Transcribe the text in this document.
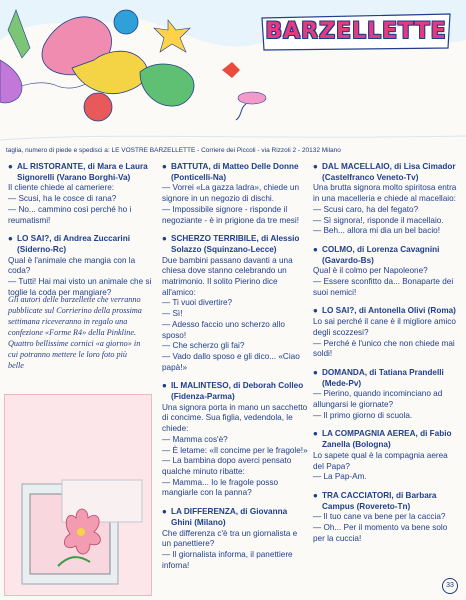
BARZELLETTE
taglia, numero di piede e spedisci a: LE VOSTRE BARZELLETTE - Corriere dei Piccoli - via Rizzoli 2 - 20132 Milano
● AL RISTORANTE, di Mara e Laura Signorelli (Varano Borghi-Va)
Il cliente chiede al cameriere:
— Scusi, ha le cosce di rana?
— No... cammino così perché ho i reumatismi!
● LO SAI?, di Andrea Zuccarini (Siderno-Rc)
Qual è l'animale che mangia con la coda?
— Tutti! Hai mai visto un animale che si toglie la coda per mangiare?
Gli autori delle barzellette che verranno pubblicate sul Corrierino della prossima settimana riceveranno in regalo una confezione «Forme R4» della Pinkline. Quattro bellissime cornici «a giorno» in cui potranno mettere le loro foto più belle
● BATTUTA, di Matteo Delle Donne (Ponticelli-Na)
— Vorrei «La gazza ladra», chiede un signore in un negozio di dischi.
— Impossibile signore - risponde il negoziante - è in prigione da tre mesi!
● SCHERZO TERRIBILE, di Alessio Solazzo (Squinzano-Lecce)
Due bambini passano davanti a una chiesa dove stanno celebrando un matrimonio. Il solito Pierino dice all'amico:
— Ti vuoi divertire?
— Sì!
— Adesso faccio uno scherzo allo sposo!
— Che scherzo gli fai?
— Vado dallo sposo e gli dico... «Ciao papà!»
● IL MALINTESO, di Deborah Colleo (Fidenza-Parma)
Una signora porta in mano un sacchetto di concime. Sua figlia, vedendola, le chiede:
— Mamma cos'è?
— È letame: «Il concime per le fragole!»
— La bambina dopo averci pensato qualche minuto ribatte:
— Mamma... Io le fragole posso mangiarle con la panna?
● LA DIFFERENZA, di Giovanna Ghini (Milano)
Che differenza c'è tra un giornalista e un panettiere?
— Il giornalista informa, il panettiere inforna!
● DAL MACELLAIO, di Lisa Cimador (Castelfranco Veneto-Tv)
Una brutta signora molto spiritosa entra in una macelleria e chiede al macellaio:
— Scusi caro, ha del fegato?
— Sì signora!, risponde il macellaio.
— Beh... allora mi dia un bel bacio!
● COLMO, di Lorenza Cavagnini (Gavardo-Bs)
Qual è il colmo per Napoleone?
— Essere sconfitto da... Bonaparte dei suoi nemici!
● LO SAI?, di Antonella Olivi (Roma)
Lo sai perché il cane è il migliore amico degli scozzesi?
— Perché è l'unico che non chiede mai soldi!
● DOMANDA, di Tatiana Prandelli (Mede-Pv)
— Pierino, quando incominciano ad allungarsi le giornate?
— Il primo giorno di scuola.
● LA COMPAGNIA AEREA, di Fabio Zanella (Bologna)
Lo sapete qual è la compagnia aerea del Papa?
— La Pap-Am.
● TRA CACCIATORI, di Barbara Campus (Rovereto-Tn)
— Il tuo cane va bene per la caccia?
— Oh... Per il momento va bene solo per la cuccia!
33
